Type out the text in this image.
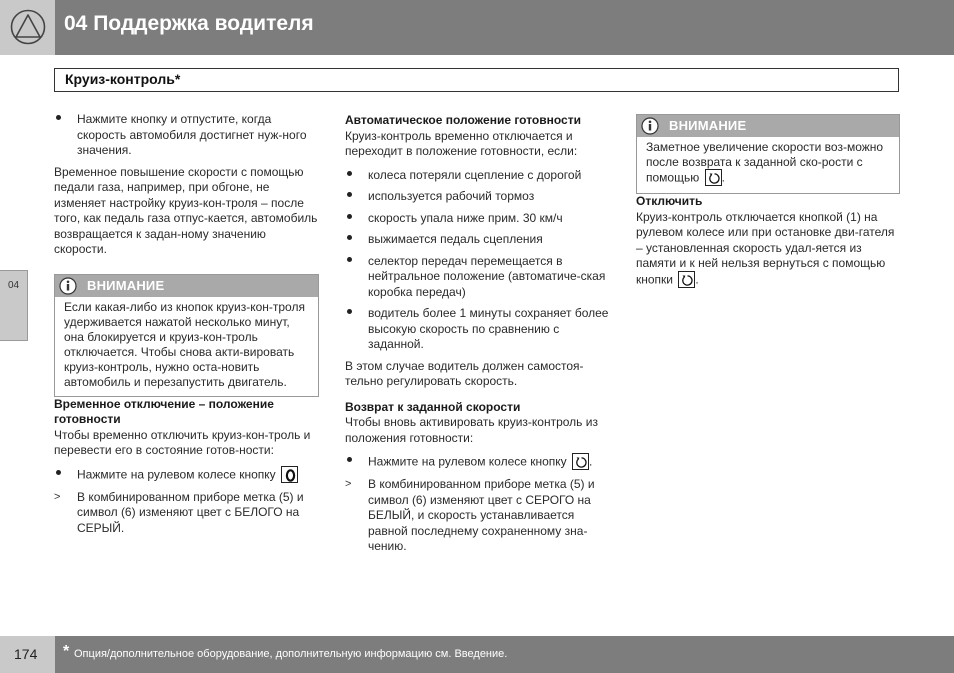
04 Поддержка водителя
Круиз-контроль*
04
Нажмите кнопку и отпустите, когда скорость автомобиля достигнет нуж-ного значения.

Временное повышение скорости с помощью педали газа, например, при обгоне, не изменяет настройку круиз-кон-троля – после того, как педаль газа отпус-кается, автомобиль возвращается к задан-ному значению скорости.

ВНИМАНИЕ
Если какая-либо из кнопок круиз-кон-троля удерживается нажатой несколько минут, она блокируется и круиз-кон-троль отключается. Чтобы снова акти-вировать круиз-контроль, нужно оста-новить автомобиль и перезапустить двигатель.

Временное отключение – положение готовности

Чтобы временно отключить круиз-кон-троль и перевести его в состояние готов-ности:

Нажмите на рулевом колесе кнопку
>	В комбинированном приборе метка (5) и символ (6) изменяют цвет с БЕЛОГО на СЕРЫЙ.

Автоматическое положение готовности

Круиз-контроль временно отключается и переходит в положение готовности, если:

колеса потеряли сцепление с дорогой
используется рабочий тормоз
скорость упала ниже прим. 30 км/ч
выжимается педаль сцепления
селектор передач перемещается в нейтральное положение (автоматиче-ская коробка передач)
водитель более 1 минуты сохраняет более высокую скорость по сравнению с заданной.

В этом случае водитель должен самостоя-тельно регулировать скорость.

Возврат к заданной скорости

Чтобы вновь активировать круиз-контроль из положения готовности:

Нажмите на рулевом колесе кнопку .
>	В комбинированном приборе метка (5) и символ (6) изменяют цвет с СЕРОГО на БЕЛЫЙ, и скорость устанавливается равной последнему сохраненному зна-чению.
ВНИМАНИЕ
Заметное увеличение скорости воз-можно после возврата к заданной ско-рости с помощью .

Отключить

Круиз-контроль отключается кнопкой (1) на рулевом колесе или при остановке дви-гателя – установленная скорость удал-яется из памяти и к ней нельзя вернуться с помощью кнопки .

174 * Опция/дополнительное оборудование, дополнительную информацию см. Введение.
